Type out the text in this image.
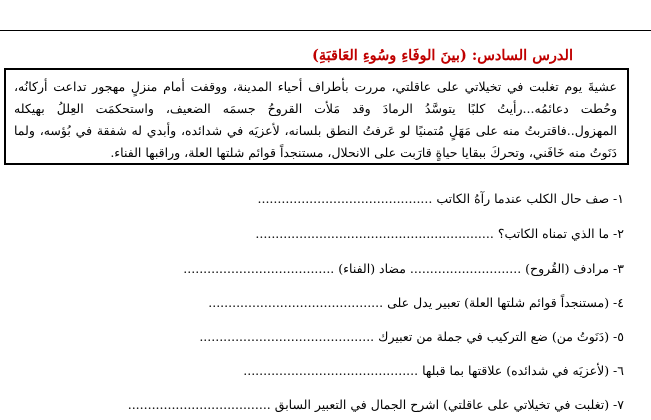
الدرس السادس: (بينَ الوفَاءِ وسُوءِ العَاقبَةِ)
عشيةَ يوم تغلبت في تخيلاتي على عاقلتي، مررت بأطراف أحياء المدينة، ووقفت أمام منزلٍ مهجور تداعت أركانُه، وحُطت دعائمُه...رأيتُ كلبًا يتوسَّدُ الرمادَ وقد مَلأت القروحُ جسمَه الضعيف، واستحكمَت العِللُ بهيكله المهزول..فاقتربتُ منه على مَهَلٍ مُتمنيًا لو عَرفتُ النطق بلسانه، لأعزيَه في شدائده، وأبدي له شفقة في بُؤسه، ولما دَنَوتُ منه خَافَني، وتحركَ ببقايا حياةٍ قارَبت على الانحلال، مستنجداً قوائم شلتها العلة، وراقبها الفناء.
١- صف حال الكلب عندما رآهُ الكاتب ............................................
٢- ما الذي تمناه الكاتب؟ ............................................................
٣- مرادف (القُروح) ............................ مضاد (الفناء) ......................................
٤- (مستنجداً قوائم شلتها العلة) تعبير يدل على ............................................
٥- (دَنَوتُ من) ضع التركيب في جملة من تعبيرك ............................................
٦- (لأعزيَه في شدائده) علاقتها بما قبلها ............................................
٧- (تغلبت في تخيلاتي على عاقلتي) اشرح الجمال في التعبير السابق ....................................
